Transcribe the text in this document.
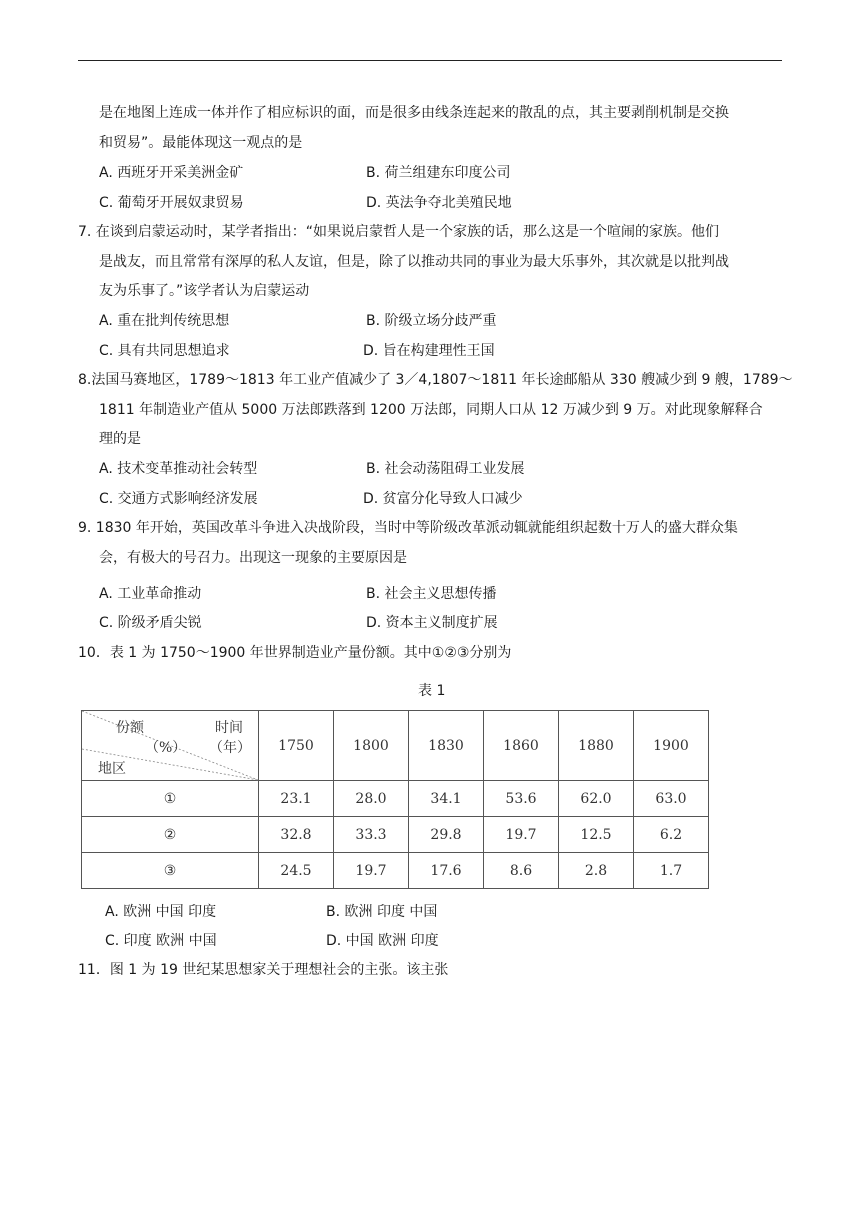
是在地图上连成一体并作了相应标识的面，而是很多由线条连起来的散乱的点，其主要剥削机制是交换
和贸易”。最能体现这一观点的是
A. 西班牙开采美洲金矿	B. 荷兰组建东印度公司
C. 葡萄牙开展奴隶贸易	D. 英法争夺北美殖民地
7. 在谈到启蒙运动时，某学者指出：“如果说启蒙哲人是一个家族的话，那么这是一个喧闹的家族。他们
是战友，而且常常有深厚的私人友谊，但是，除了以推动共同的事业为最大乐事外，其次就是以批判战
友为乐事了。”该学者认为启蒙运动
A. 重在批判传统思想	B. 阶级立场分歧严重
C. 具有共同思想追求	D. 旨在构建理性王国
8.法国马赛地区，1789～1813 年工业产值减少了 3／4,1807～1811 年长途邮船从 330 艘减少到 9 艘，1789～
1811 年制造业产值从 5000 万法郎跌落到 1200 万法郎，同期人口从 12 万减少到 9 万。对此现象解释合
理的是
A. 技术变革推动社会转型	B. 社会动荡阻碍工业发展
C. 交通方式影响经济发展	D. 贫富分化导致人口减少
9. 1830 年开始，英国改革斗争进入决战阶段，当时中等阶级改革派动辄就能组织起数十万人的盛大群众集
会，有极大的号召力。出现这一现象的主要原因是
A. 工业革命推动	B. 社会主义思想传播
C. 阶级矛盾尖锐	D. 资本主义制度扩展
10．表 1 为 1750～1900 年世界制造业产量份额。其中①②③分别为
表 1
份额 时间
（%） （年）
地区	1750	1800	1830	1860	1880	1900
①	23.1	28.0	34.1	53.6	62.0	63.0
②	32.8	33.3	29.8	19.7	12.5	6.2
③	24.5	19.7	17.6	8.6	2.8	1.7
A. 欧洲 中国 印度	B. 欧洲 印度 中国
C. 印度 欧洲 中国	D. 中国 欧洲 印度
11．图 1 为 19 世纪某思想家关于理想社会的主张。该主张
